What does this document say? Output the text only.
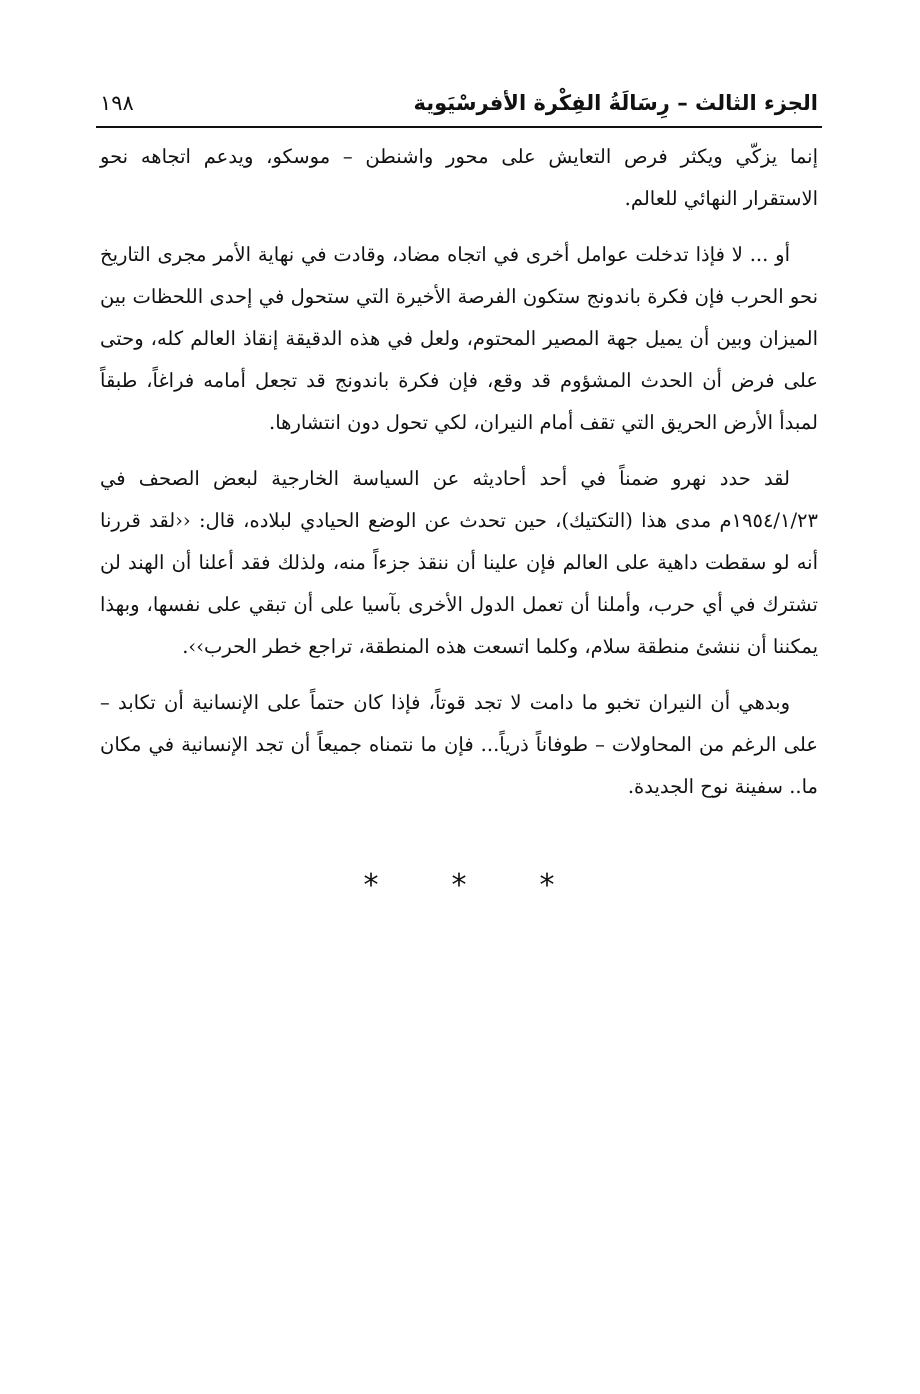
الجزء الثالث – رِسَالَةُ الفِكْرة الأفرسْيَوية
١٩٨

إنما يزكّي ويكثر فرص التعايش على محور واشنطن – موسكو، ويدعم اتجاهه نحو الاستقرار النهائي للعالم.

أو ... لا فإذا تدخلت عوامل أخرى في اتجاه مضاد، وقادت في نهاية الأمر مجرى التاريخ نحو الحرب فإن فكرة باندونج ستكون الفرصة الأخيرة التي ستحول في إحدى اللحظات بين الميزان وبين أن يميل جهة المصير المحتوم، ولعل في هذه الدقيقة إنقاذ العالم كله، وحتى على فرض أن الحدث المشؤوم قد وقع، فإن فكرة باندونج قد تجعل أمامه فراغاً، طبقاً لمبدأ الأرض الحريق التي تقف أمام النيران، لكي تحول دون انتشارها.

لقد حدد نهرو ضمناً في أحد أحاديثه عن السياسة الخارجية لبعض الصحف في ١٩٥٤/١/٢٣م مدى هذا (التكتيك)، حين تحدث عن الوضع الحيادي لبلاده، قال: ‹‹لقد قررنا أنه لو سقطت داهية على العالم فإن علينا أن ننقذ جزءاً منه، ولذلك فقد أعلنا أن الهند لن تشترك في أي حرب، وأملنا أن تعمل الدول الأخرى بآسيا على أن تبقي على نفسها، وبهذا يمكننا أن ننشئ منطقة سلام، وكلما اتسعت هذه المنطقة، تراجع خطر الحرب››.

وبدهي أن النيران تخبو ما دامت لا تجد قوتاً، فإذا كان حتماً على الإنسانية أن تكابد – على الرغم من المحاولات – طوفاناً ذرياً... فإن ما نتمناه جميعاً أن تجد الإنسانية في مكان ما.. سفينة نوح الجديدة.

* * *
